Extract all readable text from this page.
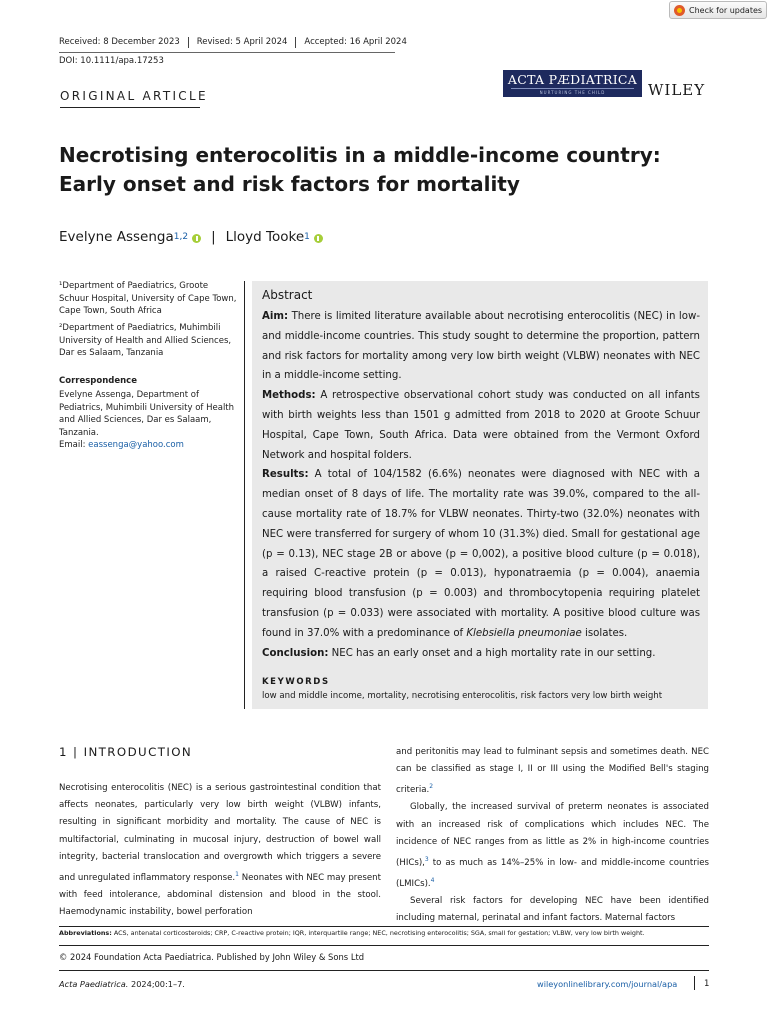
Check for updates
Received: 8 December 2023	Revised: 5 April 2024	Accepted: 16 April 2024
DOI: 10.1111/apa.17253
ORIGINAL ARTICLE
ACTA PÆDIATRICA
NURTURING THE CHILD	WILEY
Necrotising enterocolitis in a middle-income country: Early onset and risk factors for mortality
Evelyne Assenga 1,2 | Lloyd Tooke 1
¹Department of Paediatrics, Groote Schuur Hospital, University of Cape Town, Cape Town, South Africa
²Department of Paediatrics, Muhimbili University of Health and Allied Sciences, Dar es Salaam, Tanzania
Correspondence
Evelyne Assenga, Department of Pediatrics, Muhimbili University of Health and Allied Sciences, Dar es Salaam, Tanzania.
Email: eassenga@yahoo.com
Abstract

Aim: There is limited literature available about necrotising enterocolitis (NEC) in low- and middle-income countries. This study sought to determine the proportion, pattern and risk factors for mortality among very low birth weight (VLBW) neonates with NEC in a middle-income setting.

Methods: A retrospective observational cohort study was conducted on all infants with birth weights less than 1501 g admitted from 2018 to 2020 at Groote Schuur Hospital, Cape Town, South Africa. Data were obtained from the Vermont Oxford Network and hospital folders.

Results: A total of 104/1582 (6.6%) neonates were diagnosed with NEC with a median onset of 8 days of life. The mortality rate was 39.0%, compared to the all-cause mortality rate of 18.7% for VLBW neonates. Thirty-two (32.0%) neonates with NEC were transferred for surgery of whom 10 (31.3%) died. Small for gestational age (p = 0.13), NEC stage 2B or above (p = 0,002), a positive blood culture (p = 0.018), a raised C-reactive protein (p = 0.013), hyponatraemia (p = 0.004), anaemia requiring blood transfusion (p = 0.003) and thrombocytopenia requiring platelet transfusion (p = 0.033) were associated with mortality. A positive blood culture was found in 37.0% with a predominance of Klebsiella pneumoniae isolates.

Conclusion: NEC has an early onset and a high mortality rate in our setting.

KEYWORDS
low and middle income, mortality, necrotising enterocolitis, risk factors very low birth weight
1 | INTRODUCTION

Necrotising enterocolitis (NEC) is a serious gastrointestinal condition that affects neonates, particularly very low birth weight (VLBW) infants, resulting in significant morbidity and mortality. The cause of NEC is multifactorial, culminating in mucosal injury, destruction of bowel wall integrity, bacterial translocation and overgrowth which triggers a severe and unregulated inflammatory response.$^1$ Neonates with NEC may present with feed intolerance, abdominal distension and blood in the stool. Haemodynamic instability, bowel perforation

and peritonitis may lead to fulminant sepsis and sometimes death. NEC can be classified as stage I, II or III using the Modified Bell's staging criteria.$^2$

Globally, the increased survival of preterm neonates is associated with an increased risk of complications which includes NEC. The incidence of NEC ranges from as little as 2% in high-income countries (HICs),$^3$ to as much as 14%–25% in low- and middle-income countries (LMICs).$^4$

Several risk factors for developing NEC have been identified including maternal, perinatal and infant factors. Maternal factors

Abbreviations: ACS, antenatal corticosteroids; CRP, C-reactive protein; IQR, interquartile range; NEC, necrotising enterocolitis; SGA, small for gestation; VLBW, very low birth weight.
© 2024 Foundation Acta Paediatrica. Published by John Wiley & Sons Ltd
Acta Paediatrica. 2024;00:1–7.	wileyonlinelibrary.com/journal/apa	1
